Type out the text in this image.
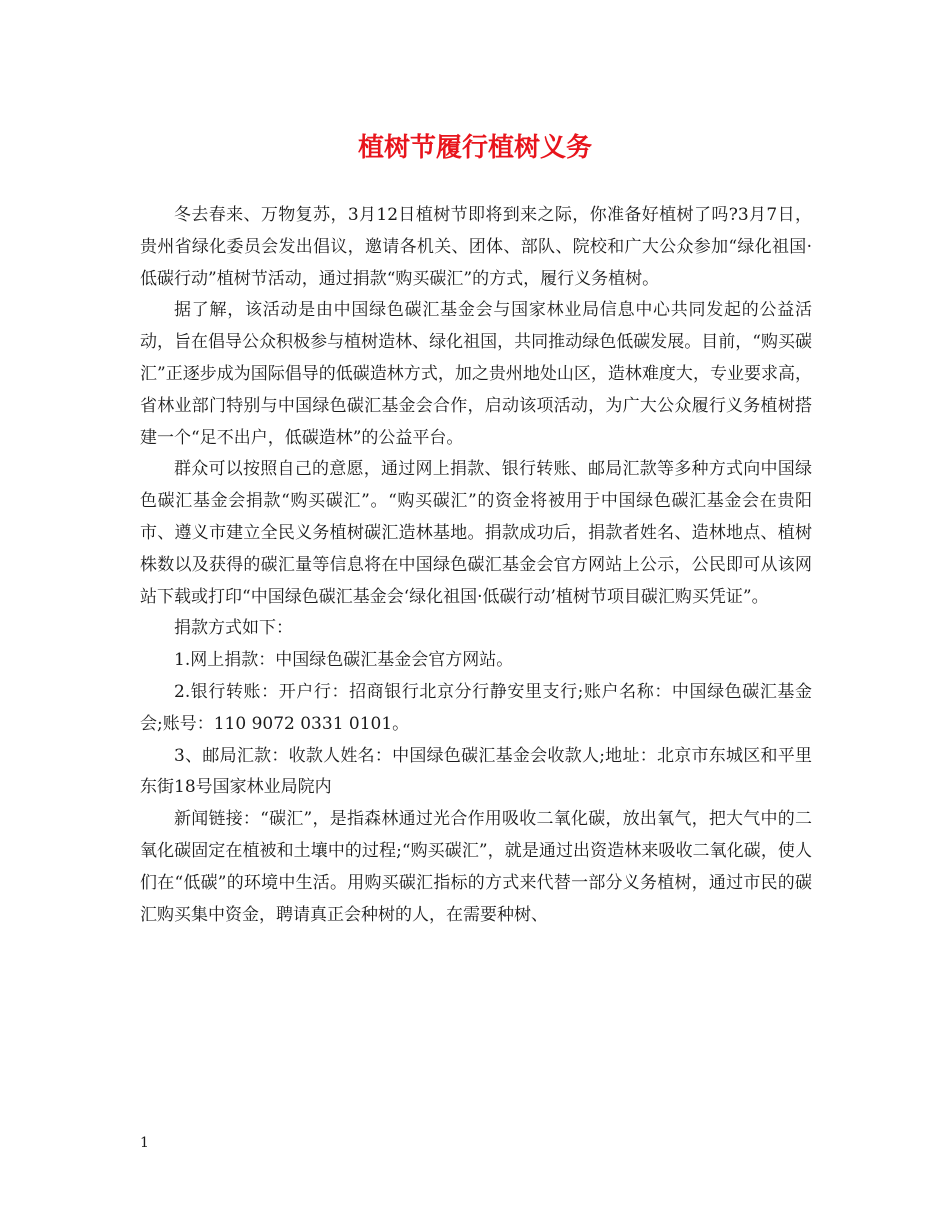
植树节履行植树义务

冬去春来、万物复苏，3月12日植树节即将到来之际，你准备好植树了吗?3月7日，贵州省绿化委员会发出倡议，邀请各机关、团体、部队、院校和广大公众参加“绿化祖国·低碳行动”植树节活动，通过捐款“购买碳汇”的方式，履行义务植树。

据了解，该活动是由中国绿色碳汇基金会与国家林业局信息中心共同发起的公益活动，旨在倡导公众积极参与植树造林、绿化祖国，共同推动绿色低碳发展。目前，“购买碳汇”正逐步成为国际倡导的低碳造林方式，加之贵州地处山区，造林难度大，专业要求高，省林业部门特别与中国绿色碳汇基金会合作，启动该项活动，为广大公众履行义务植树搭建一个“足不出户，低碳造林”的公益平台。

群众可以按照自己的意愿，通过网上捐款、银行转账、邮局汇款等多种方式向中国绿色碳汇基金会捐款“购买碳汇”。“购买碳汇”的资金将被用于中国绿色碳汇基金会在贵阳市、遵义市建立全民义务植树碳汇造林基地。捐款成功后，捐款者姓名、造林地点、植树株数以及获得的碳汇量等信息将在中国绿色碳汇基金会官方网站上公示，公民即可从该网站下载或打印“中国绿色碳汇基金会‘绿化祖国·低碳行动’植树节项目碳汇购买凭证”。

捐款方式如下：

1.网上捐款：中国绿色碳汇基金会官方网站。

2.银行转账：开户行：招商银行北京分行静安里支行;账户名称：中国绿色碳汇基金会;账号：110 9072 0331 0101。

3、邮局汇款：收款人姓名：中国绿色碳汇基金会收款人;地址：北京市东城区和平里东街18号国家林业局院内

新闻链接：“碳汇”，是指森林通过光合作用吸收二氧化碳，放出氧气，把大气中的二氧化碳固定在植被和土壤中的过程;“购买碳汇”，就是通过出资造林来吸收二氧化碳，使人们在“低碳”的环境中生活。用购买碳汇指标的方式来代替一部分义务植树，通过市民的碳汇购买集中资金，聘请真正会种树的人，在需要种树、

1
